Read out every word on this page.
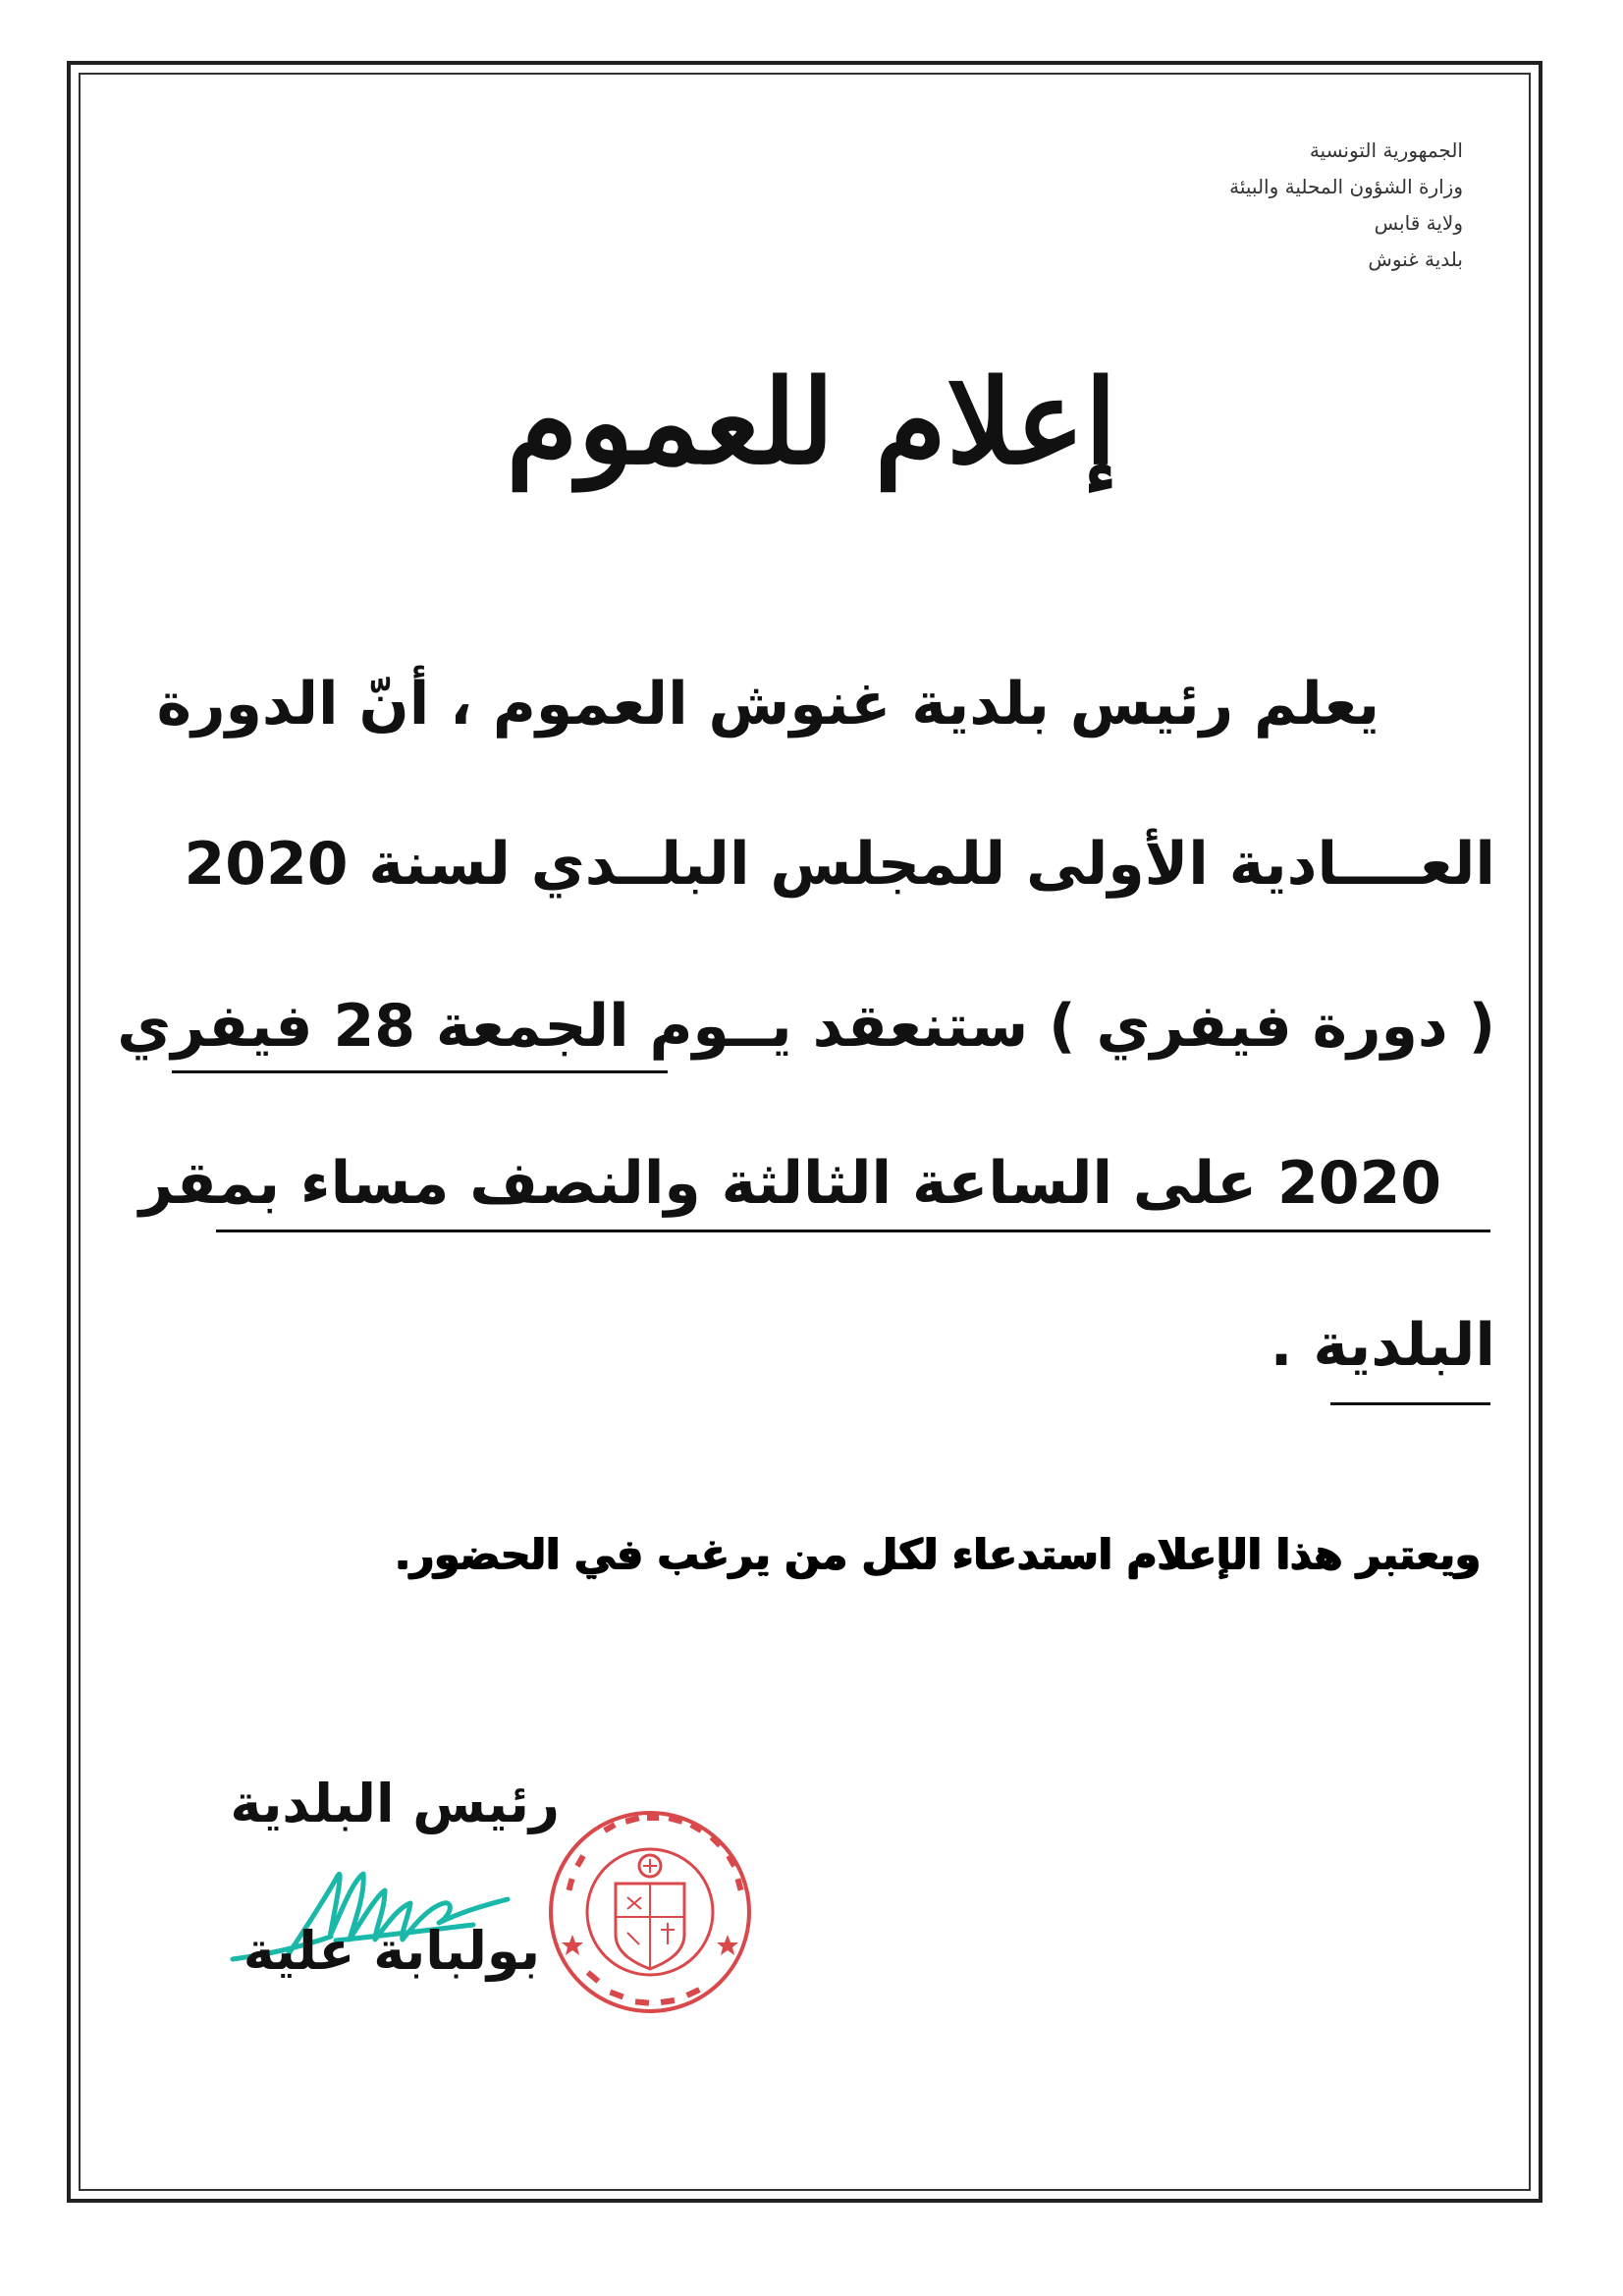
الجمهورية التونسية
وزارة الشؤون المحلية والبيئة
ولاية قابس
بلدية غنوش
إعلام للعموم
يعلم رئيس بلدية غنوش العموم ، أنّ الدورة
العــــادية الأولى للمجلس البلــدي لسنة 2020
( دورة فيفري ) ستنعقد يــوم الجمعة 28 فيفري
2020 على الساعة الثالثة والنصف مساء بمقر
البلدية .
ويعتبر هذا الإعلام استدعاء لكل من يرغب في الحضور.
رئيس البلدية
بولبابة علية
